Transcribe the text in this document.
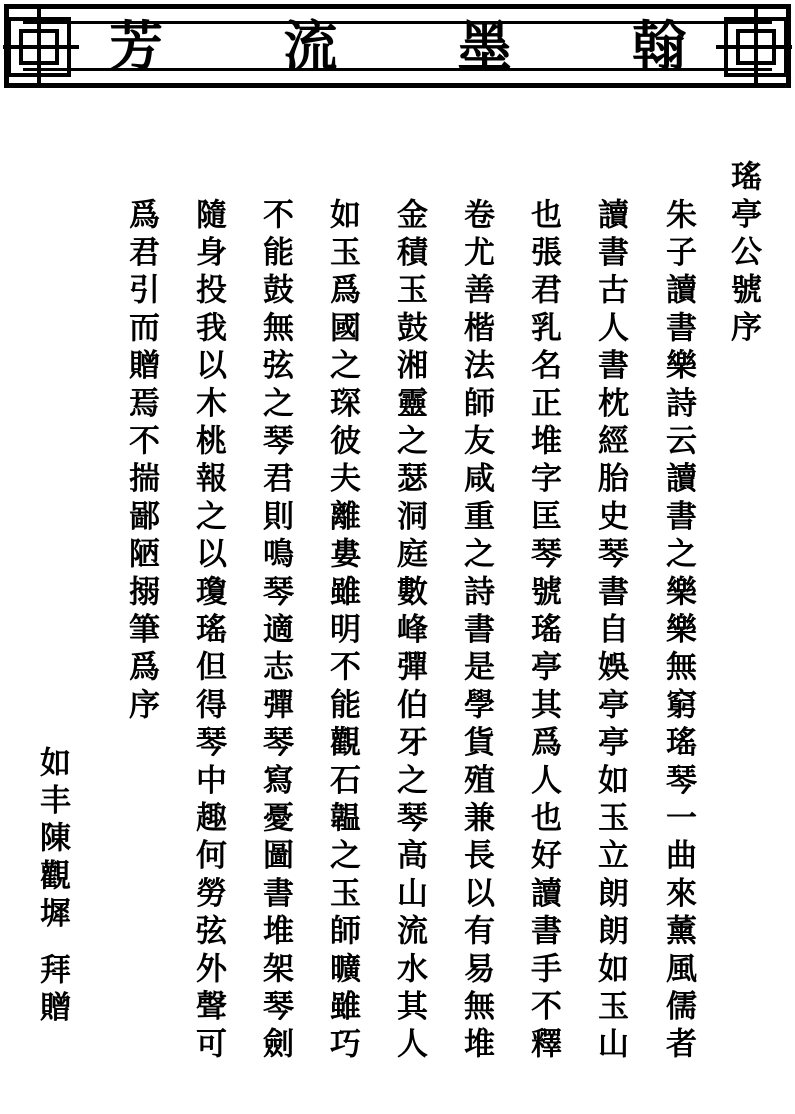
翰
墨
流
芳
瑤亭公號序
朱子讀書樂詩云讀書之樂樂無窮瑤琴一曲來薰風儒者
讀書古人書枕經胎史琴書自娛亭亭如玉立朗朗如玉山
也張君乳名正堆字匡琴號瑤亭其爲人也好讀書手不釋
卷尤善楷法師友咸重之詩書是學貨殖兼長以有易無堆
金積玉鼓湘靈之瑟洞庭數峰彈伯牙之琴高山流水其人
如玉爲國之琛彼夫離婁雖明不能觀石韞之玉師曠雖巧
不能鼓無弦之琴君則鳴琴適志彈琴寫憂圖書堆架琴劍
隨身投我以木桃報之以瓊瑤但得琴中趣何勞弦外聲可
爲君引而贈焉不揣鄙陋搦筆爲序
如丰陳觀墀
拜贈
